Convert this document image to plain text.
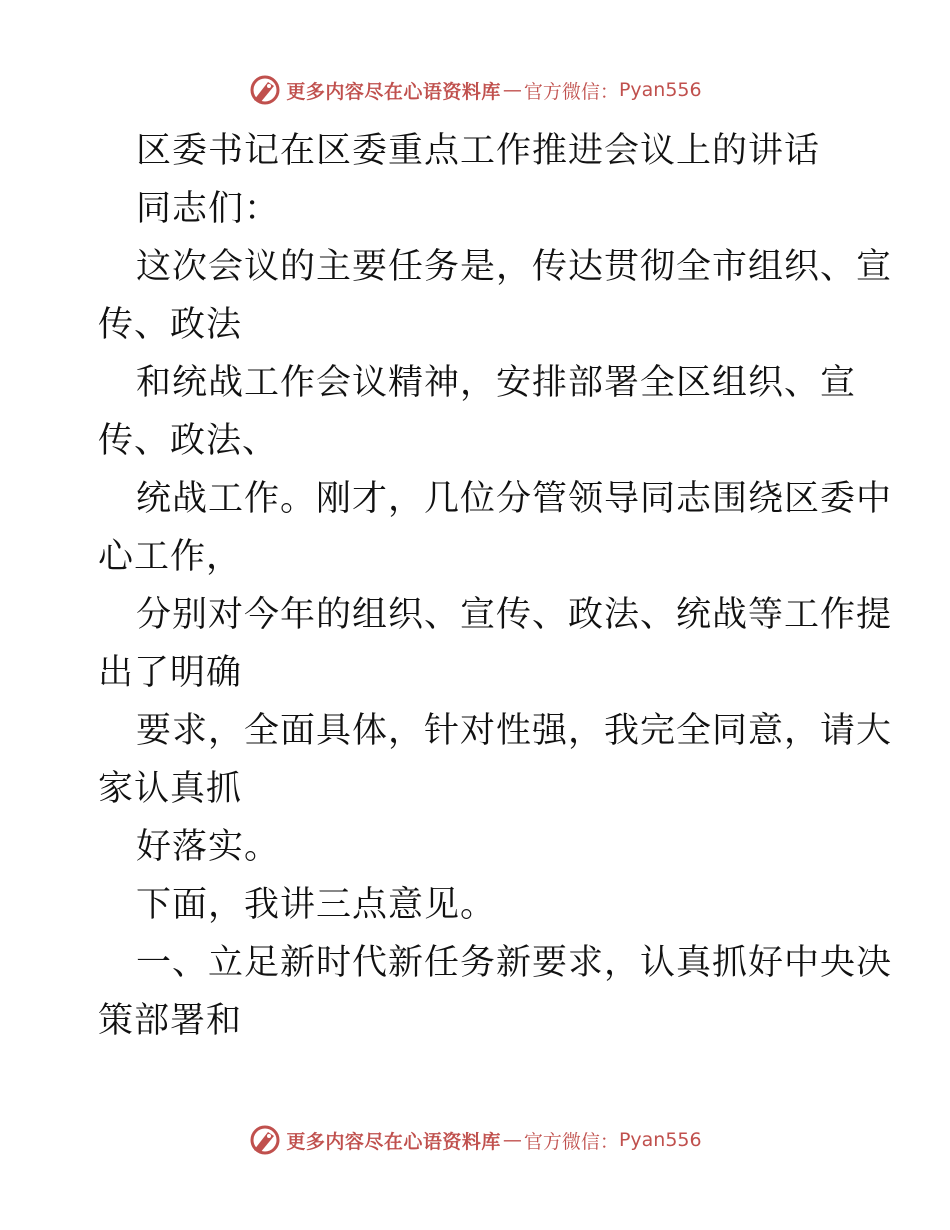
更多内容尽在心语资料库 — 官方微信： Pyan556
区委书记在区委重点工作推进会议上的讲话
同志们：
这次会议的主要任务是，传达贯彻全市组织、宣
传、政法
和统战工作会议精神，安排部署全区组织、宣
传、政法、
统战工作。刚才，几位分管领导同志围绕区委中
心工作，
分别对今年的组织、宣传、政法、统战等工作提
出了明确
要求，全面具体，针对性强，我完全同意，请大
家认真抓
好落实。
下面，我讲三点意见。
一、立足新时代新任务新要求，认真抓好中央决
策部署和
更多内容尽在心语资料库 — 官方微信： Pyan556
